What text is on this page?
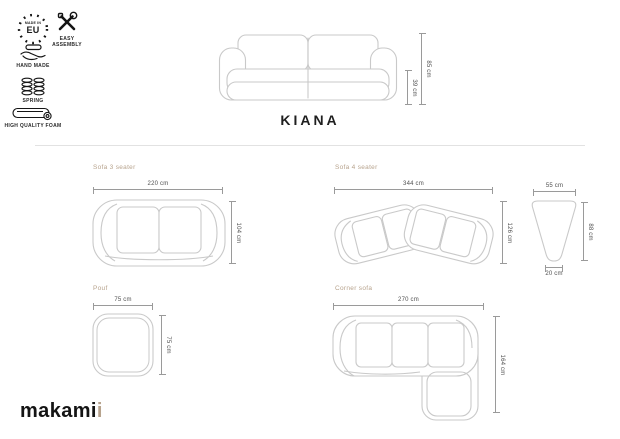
MADE IN
EU
EASY ASSEMBLY
HAND MADE
SPRING
HIGH QUALITY FOAM
85 cm
39 cm
KIANA
Sofa 3 seater
220 cm
104 cm
Sofa 4 seater
344 cm
126 cm
55 cm
88 cm
20 cm
Pouf
75 cm
75 cm
Corner sofa
270 cm
164 cm
makamii
